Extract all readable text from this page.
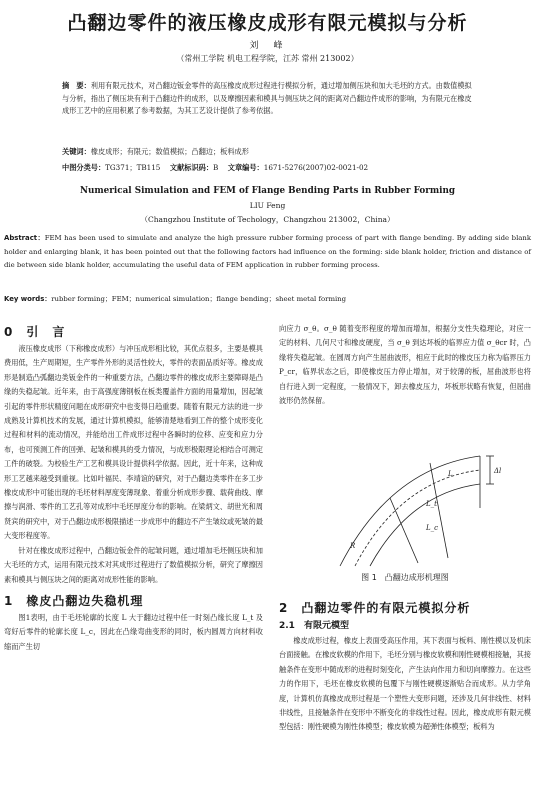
凸翻边零件的液压橡皮成形有限元模拟与分析
刘　峰
（常州工学院 机电工程学院，江苏 常州 213002）
摘　要：利用有限元技术，对凸翻边钣金零件的高压橡皮成形过程进行模拟分析，通过增加侧压块和加大毛坯的方式。由数值模拟与分析，指出了侧压块有利于凸翻边件的成形，以及摩擦因素和模具与侧压块之间的距离对凸翻边件成形的影响，为有限元在橡皮成形工艺中的应用积累了参考数据，为其工艺设计提供了参考依据。
关键词：橡皮成形；有限元；数值模拟；凸翻边；板料成形
中图分类号：TG371；TB115  文献标识码：B  文章编号：1671-5276(2007)02-0021-02
Numerical Simulation and FEM of Flange Bending Parts in Rubber Forming
LIU Feng
（Changzhou Institute of Techology，Changzhou 213002，China）
Abstract：FEM has been used to simulate and analyze the high pressure rubber forming process of part with flange bending. By adding side blank holder and enlarging blank, it has been pointed out that the following factors had influence on the forming: side blank holder, friction and distance of die between side blank holder, accumulating the useful data of FEM application in rubber forming process.
Key words：rubber forming；FEM；numerical simulation；flange bending；sheet metal forming
0　引　言

液压橡皮成形（下称橡皮成形）与冲压成形相比较，其优点很多，主要是模具费用低，生产周期短，生产零件外形的灵活性较大，零件的表面品质好等。橡皮成形是制造凸弧翻边类钣金件的一种重要方法，凸翻边零件的橡皮成形主要障碍是凸缘的失稳起皱。近年来，由于高强度薄钢板在板类覆盖件方面的用量增加，因起皱引起的零件形状精度问题在成形研究中也变得日趋重要。随着有限元方法的进一步成熟及计算机技术的发展，通过计算机模拟，能够清楚地看到工件的整个成形变化过程和材料的流动情况，并能给出工件成形过程中各瞬时的位移、应变和应力分布，也可预测工件的回弹、起皱和模具的受力情况，与成形极限理论相结合可测定工件的破裂。为校验生产工艺和模具设计提供科学依据。因此，近十年来，这种成形工艺越来越受到重视。比如叶福民、李靖谊的研究，对于凸翻边类零件在多工步橡皮成形中可能出现的毛坯材料厚度变薄现象、着重分析成形步骤、载荷曲线、摩擦与润滑、零件的工艺孔等对成形中毛坯厚度分布的影响。在梁炳文、胡世光和周贤宾的研究中，对于凸翻边成形极限描述一步成形中的翻边不产生皱纹或死皱的最大变形程度等。

针对在橡皮成形过程中，凸翻边钣金件的起皱问题，通过增加毛坯侧压块和加大毛坯的方式，运用有限元技术对其成形过程进行了数值模拟分析，研究了摩擦因素和模具与侧压块之间的距离对成形性能的影响。

1　橡皮凸翻边失稳机理

图1表明，由于毛坯轮廓的长度 L 大于翻边过程中任一时刻凸缘长度 L_t 及弯好后零件的轮廓长度 L_c，因此在凸缘弯曲变形的同时，板内圆周方向材料收缩而产生切

向应力 σ_θ。σ_θ 随着变形程度的增加而增加，根据分支性失稳理论，对应一定的材料、几何尺寸和橡皮硬度，当 σ_θ 到达坏板的临界应力值 σ_θcr 时，凸缘将失稳起皱。在圆周方向产生屈曲波形，相应于此时的橡皮压力称为临界压力 P_cr，临界状态之后，即使橡皮压力停止增加，对于较薄的板，屈曲波形也将自行进入到一定程度，一般情况下，卸去橡皮压力，坏板形状略有恢复，但屈曲波形仍然保留。

L
L_t
L_c
Δl
R
图 1　凸翻边成形机理图
2　凸翻边零件的有限元模拟分析
2.1　有限元模型

橡皮成形过程，橡皮上表面受高压作用，其下表面与板料、刚性模以及机床台面接触。在橡皮软模的作用下，毛坯分别与橡皮软模和刚性硬模相接触，其接触条件在变形中随成形的进程时刻变化，产生法向作用力和切向摩擦力。在这些力的作用下，毛坯在橡皮软模的包覆下与刚性硬模逐渐贴合而成形。从力学角度，计算机仿真橡皮成形过程是一个塑性大变形问题，还涉及几何非线性、材料非线性，且接触条件在变形中不断变化的非线性过程。因此，橡皮成形有限元模型包括：刚性硬模为刚性体模型；橡皮软模为超弹性体模型；板料为
